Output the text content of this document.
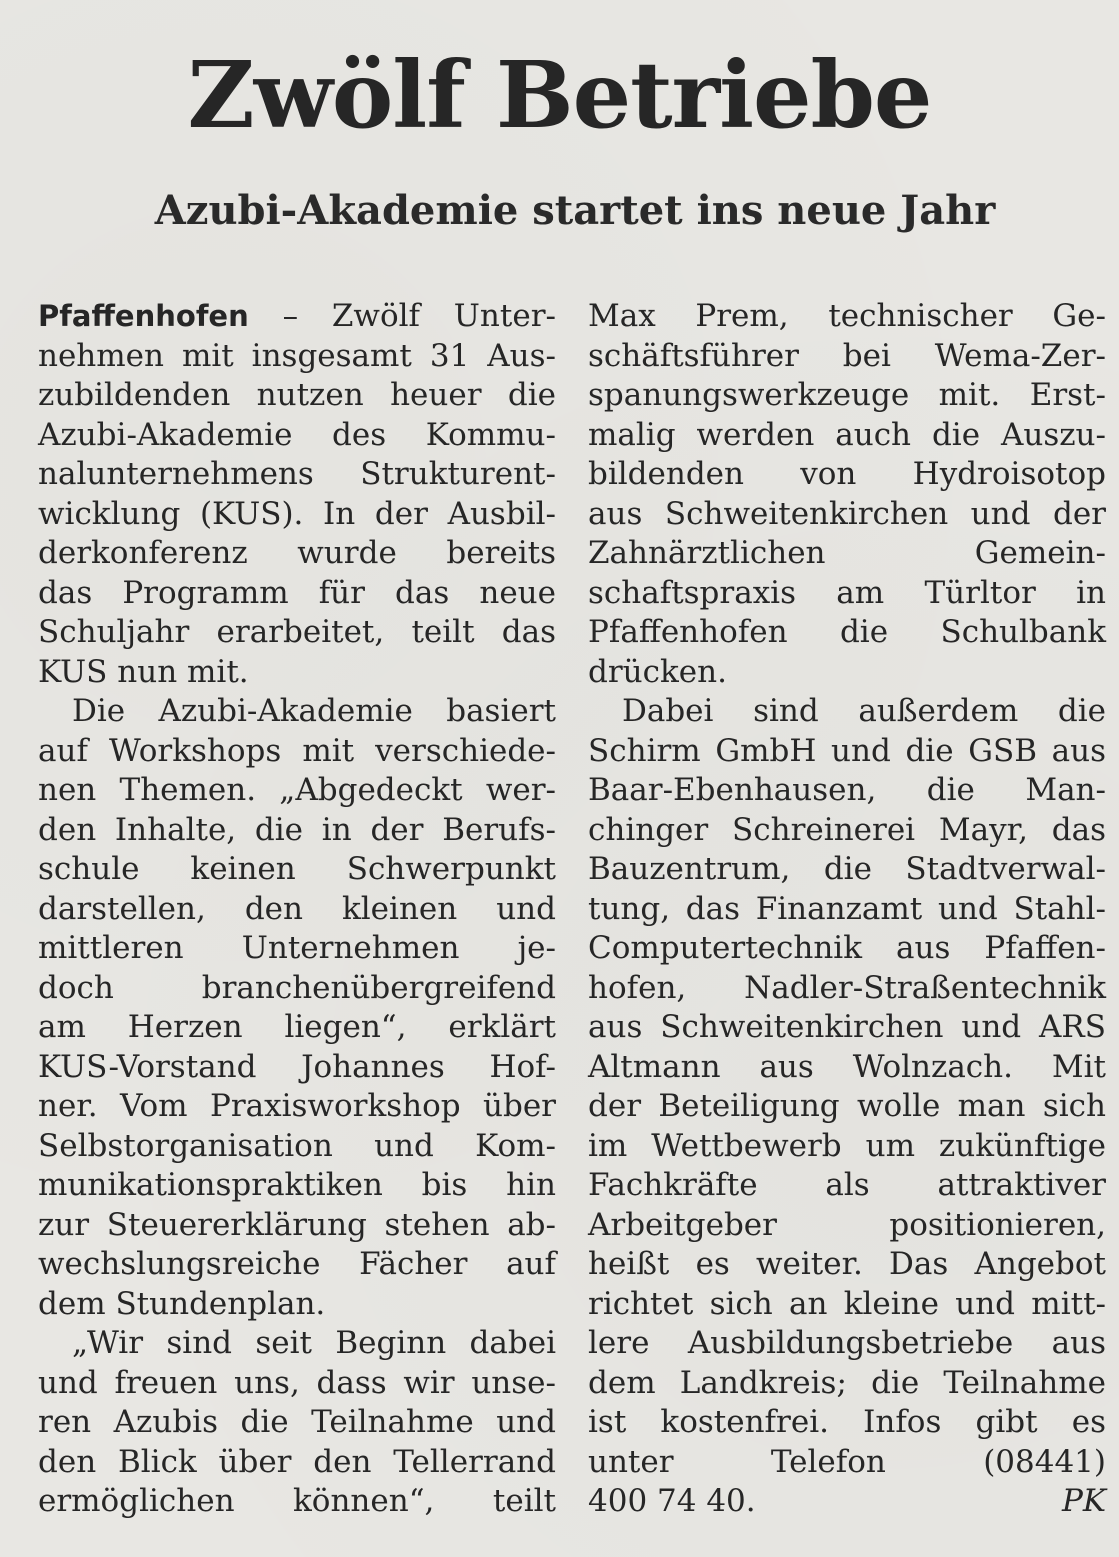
Zwölf Betriebe
Azubi-Akademie startet ins neue Jahr
Pfaffenhofen – Zwölf Unter-
nehmen mit insgesamt 31 Aus-
zubildenden nutzen heuer die
Azubi-Akademie des Kommu-
nalunternehmens Strukturent-
wicklung (KUS). In der Ausbil-
derkonferenz wurde bereits
das Programm für das neue
Schuljahr erarbeitet, teilt das
KUS nun mit.
Die Azubi-Akademie basiert
auf Workshops mit verschiede-
nen Themen. „Abgedeckt wer-
den Inhalte, die in der Berufs-
schule keinen Schwerpunkt
darstellen, den kleinen und
mittleren Unternehmen je-
doch branchenübergreifend
am Herzen liegen“, erklärt
KUS-Vorstand Johannes Hof-
ner. Vom Praxisworkshop über
Selbstorganisation und Kom-
munikationspraktiken bis hin
zur Steuererklärung stehen ab-
wechslungsreiche Fächer auf
dem Stundenplan.
„Wir sind seit Beginn dabei
und freuen uns, dass wir unse-
ren Azubis die Teilnahme und
den Blick über den Tellerrand
ermöglichen können“, teilt
Max Prem, technischer Ge-
schäftsführer bei Wema-Zer-
spanungswerkzeuge mit. Erst-
malig werden auch die Auszu-
bildenden von Hydroisotop
aus Schweitenkirchen und der
Zahnärztlichen Gemein-
schaftspraxis am Türltor in
Pfaffenhofen die Schulbank
drücken.
Dabei sind außerdem die
Schirm GmbH und die GSB aus
Baar-Ebenhausen, die Man-
chinger Schreinerei Mayr, das
Bauzentrum, die Stadtverwal-
tung, das Finanzamt und Stahl-
Computertechnik aus Pfaffen-
hofen, Nadler-Straßentechnik
aus Schweitenkirchen und ARS
Altmann aus Wolnzach. Mit
der Beteiligung wolle man sich
im Wettbewerb um zukünftige
Fachkräfte als attraktiver
Arbeitgeber positionieren,
heißt es weiter. Das Angebot
richtet sich an kleine und mitt-
lere Ausbildungsbetriebe aus
dem Landkreis; die Teilnahme
ist kostenfrei. Infos gibt es
unter Telefon (08441)
400 74 40.	PK
